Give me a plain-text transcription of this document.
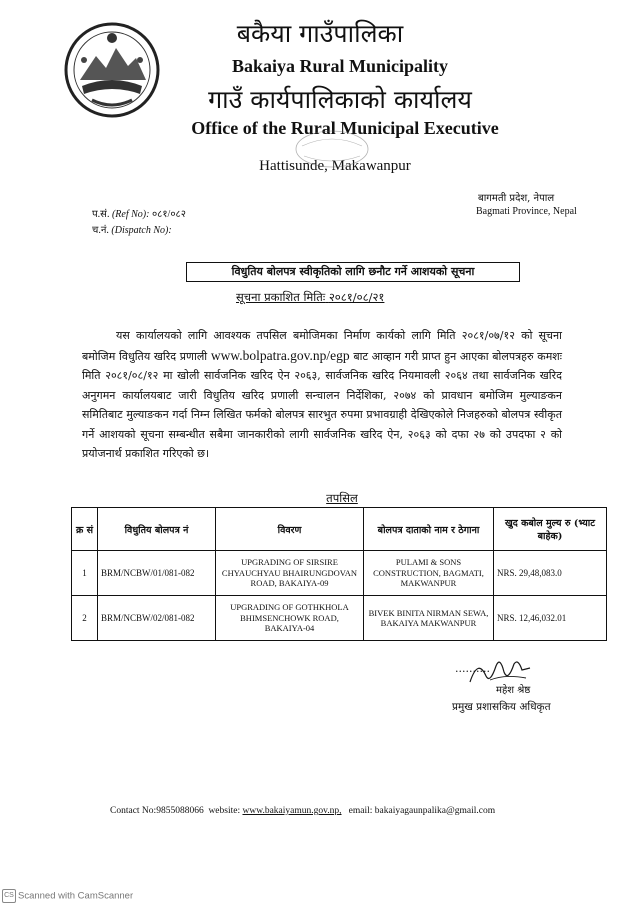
बकैया गाउँपालिका
Bakaiya Rural Municipality
गाउँ कार्यपालिकाको कार्यालय
Office of the Rural Municipal Executive
Hattisunde, Makawanpur
प.सं. (Ref No): ०८१/०८२
च.नं. (Dispatch No):
बागमती प्रदेश, नेपाल
Bagmati Province, Nepal
विधुतिय बोलपत्र स्वीकृतिको लागि छनौट गर्ने आशयको सूचना
सूचना प्रकाशित मितिः २०८१/०८/२१

यस कार्यालयको लागि आवश्यक तपसिल बमोजिमका निर्माण कार्यको लागि मिति २०८१/०७/१२ को सूचना बमोजिम विधुतिय खरिद प्रणाली www.bolpatra.gov.np/egp बाट आव्हान गरी प्राप्त हुन आएका बोलपत्रहरु कमशः मिति २०८१/०८/१२ मा खोली सार्वजनिक खरिद ऐन २०६३, सार्वजनिक खरिद नियमावली २०६४ तथा सार्वजनिक खरिद अनुगमन कार्यालयबाट जारी विधुतिय खरिद प्रणाली सन्चालन निर्देशिका, २०७४ को प्रावधान बमोजिम मुल्याङकन समितिबाट मुल्याङकन गर्दा निम्न लिखित फर्मको बोलपत्र सारभुत रुपमा प्रभावग्राही देखिएकोले निजहरुको बोलपत्र स्वीकृत गर्ने आशयको सूचना सम्बन्धीत सबैमा जानकारीको लागी सार्वजनिक खरिद ऐन, २०६३ को दफा २७ को उपदफा २ को प्रयोजनार्थ प्रकाशित गरिएको छ।

तपसिल
क्र सं	विधुतिय बोलपत्र नं	विवरण	बोलपत्र दाताको नाम र ठेगाना	खुद कबोल मुल्य रु (भ्याट बाहेक)
1	BRM/NCBW/01/081-082	UPGRADING OF SIRSIRE CHYAUCHYAU BHAIRUNGDOVAN ROAD, BAKAIYA-09	PULAMI & SONS CONSTRUCTION, BAGMATI, MAKWANPUR	NRS. 29,48,083.0
2	BRM/NCBW/02/081-082	UPGRADING OF GOTHKHOLA BHIMSENCHOWK ROAD, BAKAIYA-04	BIVEK BINITA NIRMAN SEWA, BAKAIYA MAKWANPUR	NRS. 12,46,032.01
..........
महेश श्रेष्ठ
प्रमुख प्रशासकिय अधिकृत
Contact No:9855088066 website: www.bakaiyamun.gov.np, email: bakaiyagaunpalika@gmail.com
CS Scanned with CamScanner
